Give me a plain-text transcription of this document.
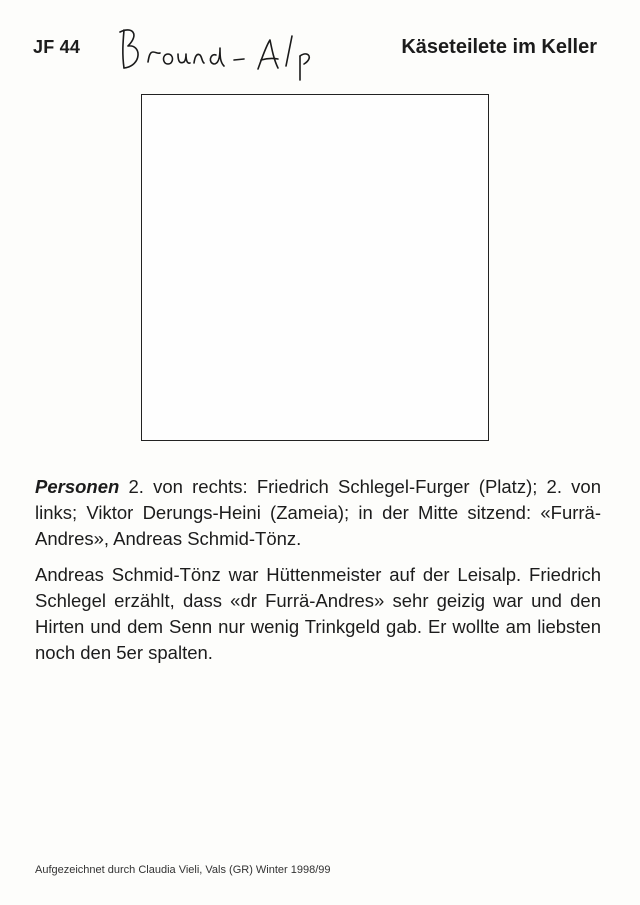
JF 44	Käseteilete im Keller
Personen 2. von rechts: Friedrich Schlegel-Furger (Platz); 2. von links; Viktor Derungs-Heini (Zameia); in der Mitte sitzend: «Furrä-Andres», Andreas Schmid-Tönz.
Andreas Schmid-Tönz war Hüttenmeister auf der Leisalp. Friedrich Schlegel erzählt, dass «dr Furrä-Andres» sehr geizig war und den Hirten und dem Senn nur wenig Trinkgeld gab. Er wollte am liebsten noch den 5er spalten.
Aufgezeichnet durch Claudia Vieli, Vals (GR) Winter 1998/99
